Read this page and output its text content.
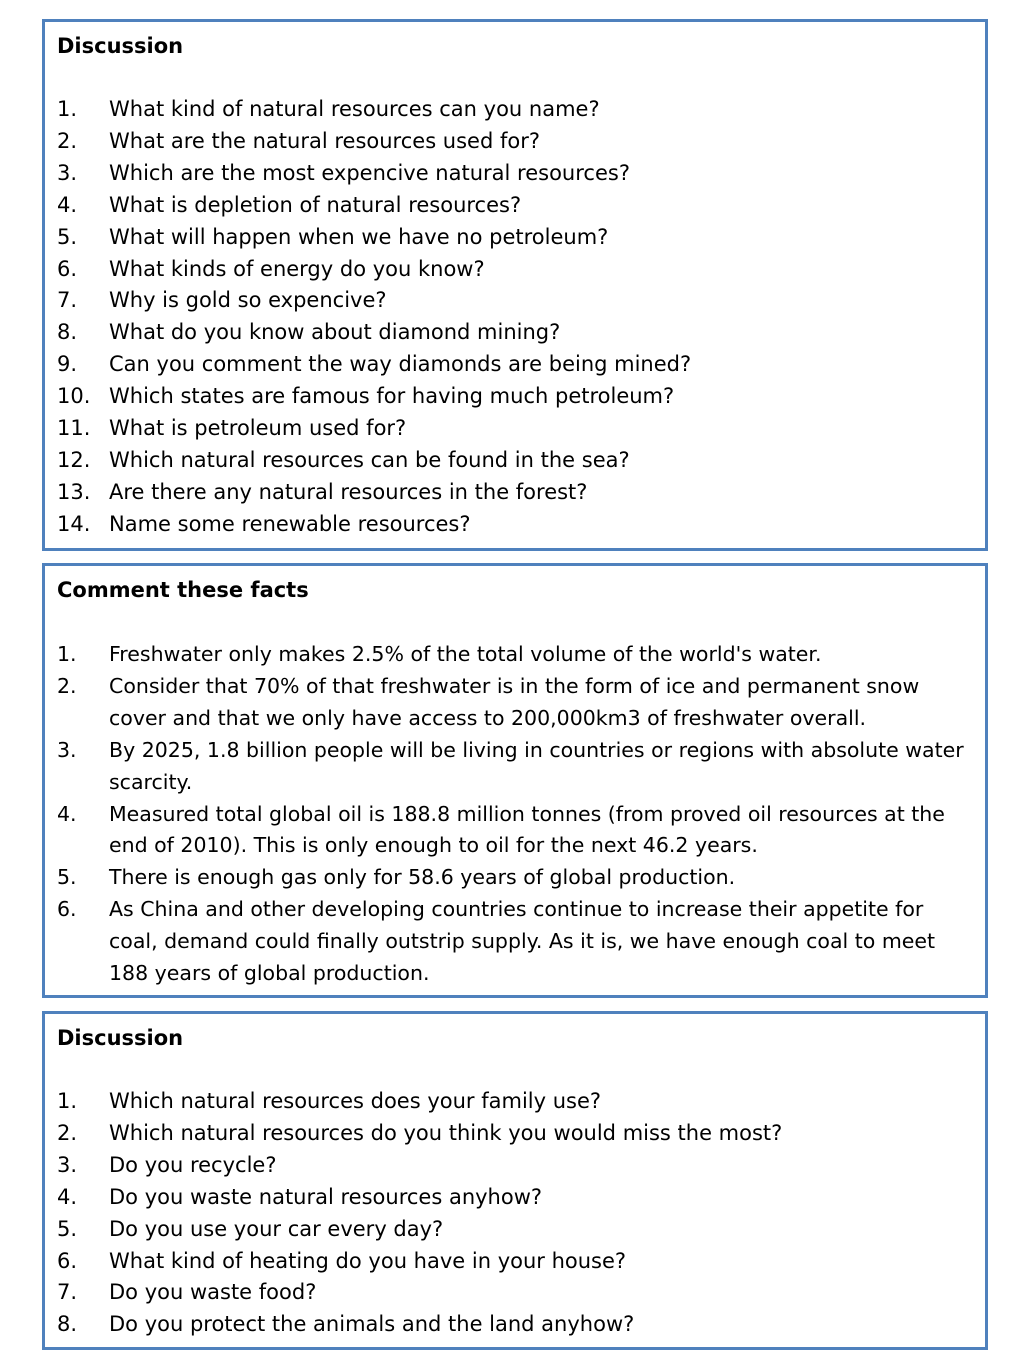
Discussion
1.	What kind of natural resources can you name?
2.	What are the natural resources used for?
3.	Which are the most expencive natural resources?
4.	What is depletion of natural resources?
5.	What will happen when we have no petroleum?
6.	What kinds of energy do you know?
7.	Why is gold so expencive?
8.	What do you know about diamond mining?
9.	Can you comment the way diamonds are being mined?
10. Which states are famous for having much petroleum?
11. What is petroleum used for?
12. Which natural resources can be found in the sea?
13. Are there any natural resources in the forest?
14. Name some renewable resources?
Comment these facts
1.	Freshwater only makes 2.5% of the total volume of the world's water.
2.	Consider that 70% of that freshwater is in the form of ice and permanent snow cover and that we only have access to 200,000km3 of freshwater overall.
3.	By 2025, 1.8 billion people will be living in countries or regions with absolute water scarcity.
4.	Measured total global oil is 188.8 million tonnes (from proved oil resources at the end of 2010). This is only enough to oil for the next 46.2 years.
5.	There is enough gas only for 58.6 years of global production.
6.	As China and other developing countries continue to increase their appetite for coal, demand could finally outstrip supply. As it is, we have enough coal to meet 188 years of global production.
Discussion
1.	Which natural resources does your family use?
2.	Which natural resources do you think you would miss the most?
3.	Do you recycle?
4.	Do you waste natural resources anyhow?
5.	Do you use your car every day?
6.	What kind of heating do you have in your house?
7.	Do you waste food?
8.	Do you protect the animals and the land anyhow?
